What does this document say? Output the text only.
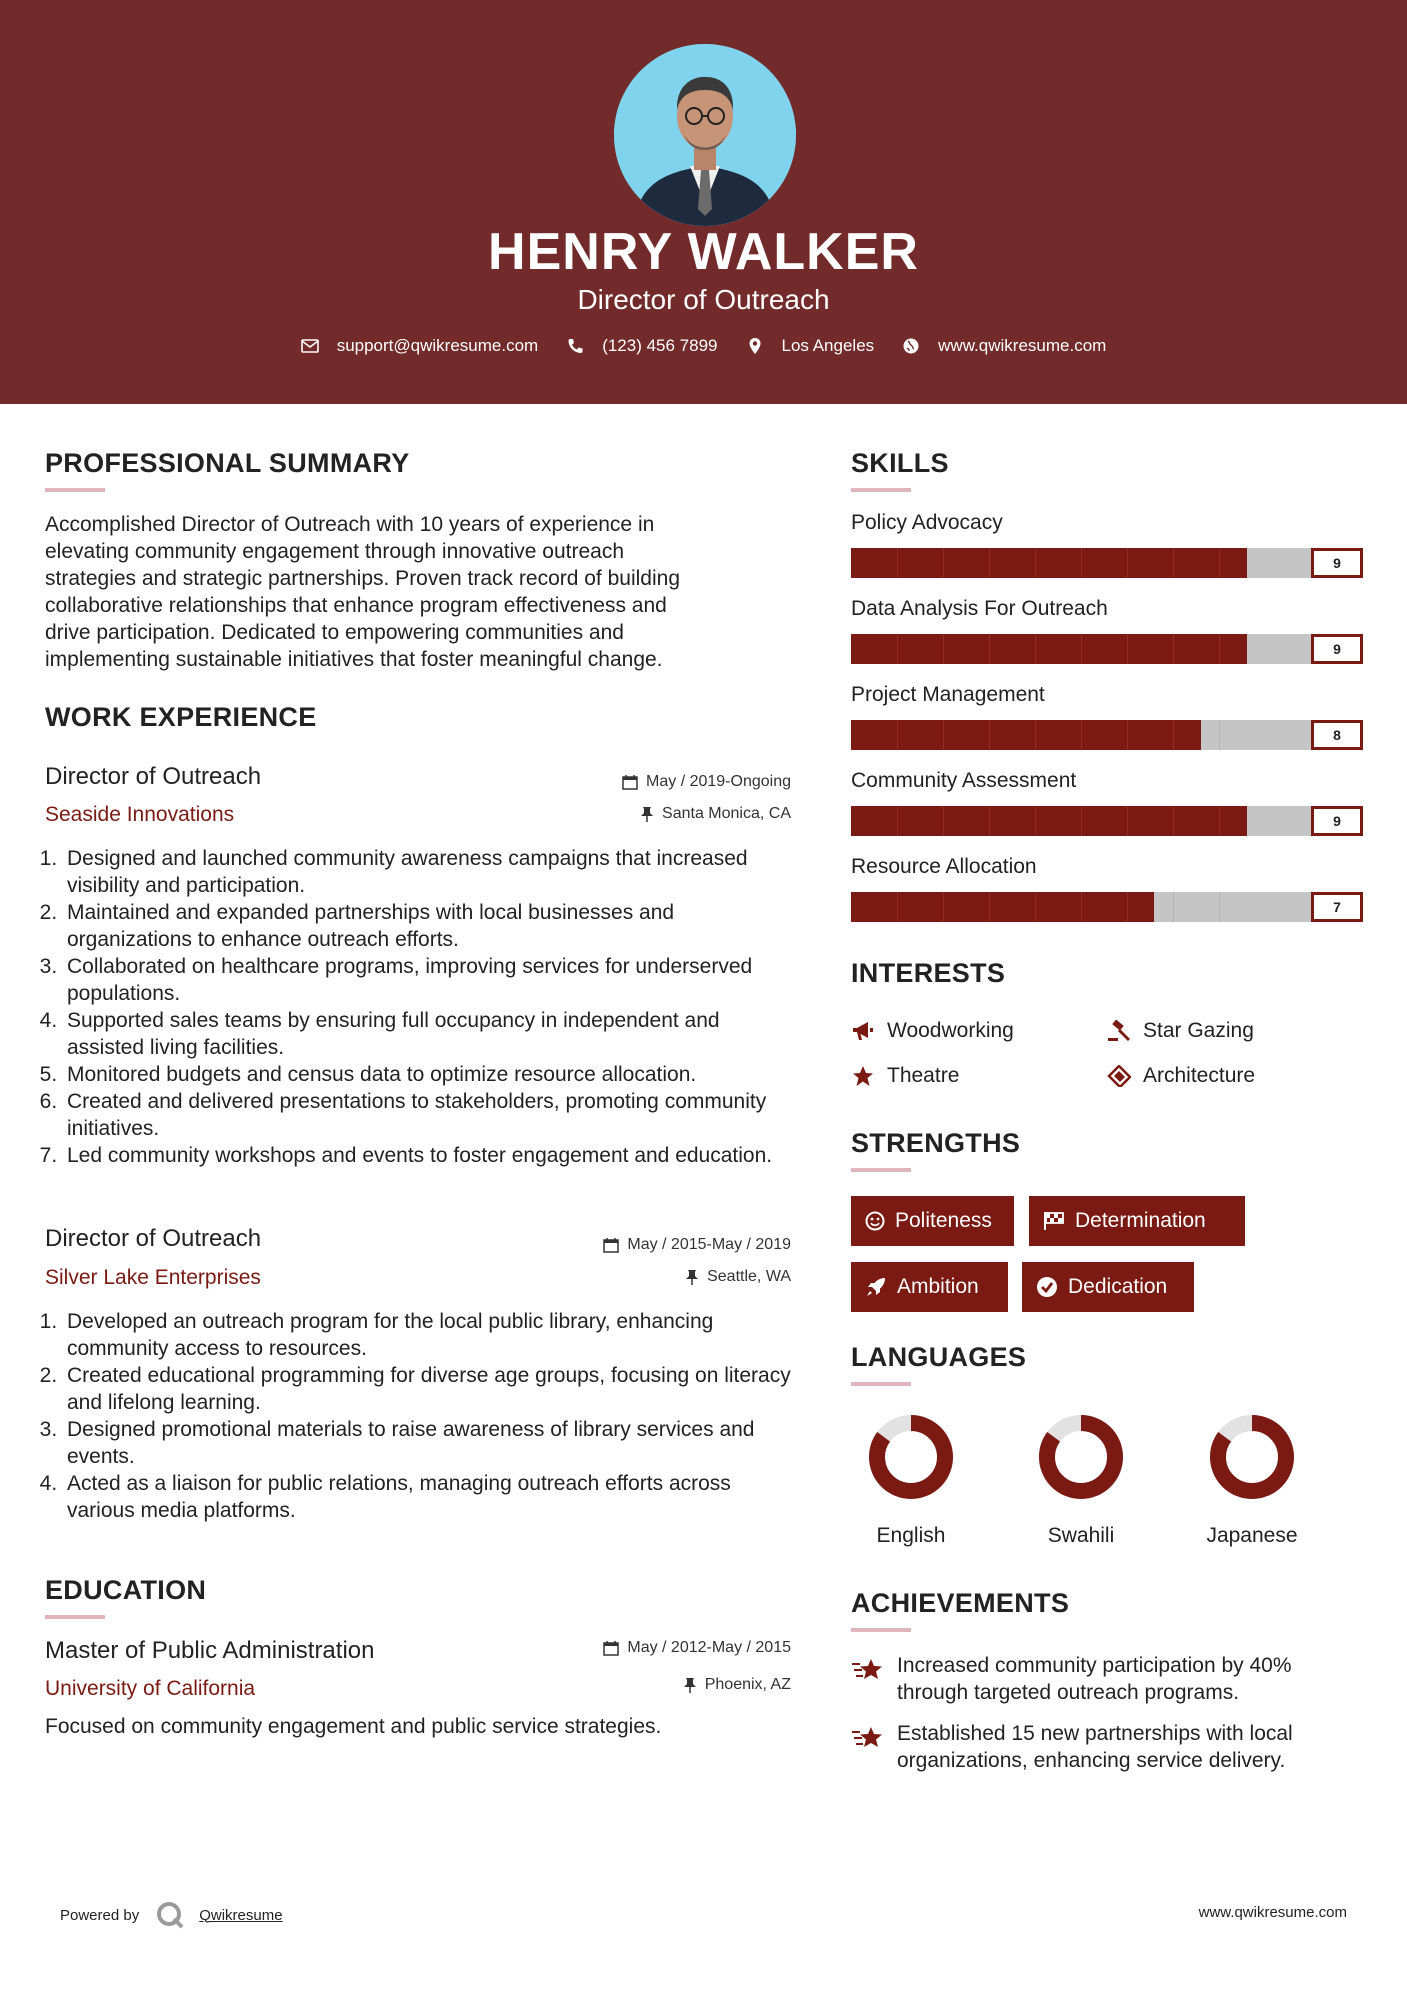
HENRY WALKER
Director of Outreach
support@qwikresume.com	(123) 456 7899	Los Angeles	www.qwikresume.com
PROFESSIONAL SUMMARY
Accomplished Director of Outreach with 10 years of experience in
elevating community engagement through innovative outreach
strategies and strategic partnerships. Proven track record of building
collaborative relationships that enhance program effectiveness and
drive participation. Dedicated to empowering communities and
implementing sustainable initiatives that foster meaningful change.
WORK EXPERIENCE
Director of Outreach	May / 2019-Ongoing
Seaside Innovations	Santa Monica, CA
1. Designed and launched community awareness campaigns that increased visibility and participation.
2. Maintained and expanded partnerships with local businesses and organizations to enhance outreach efforts.
3. Collaborated on healthcare programs, improving services for underserved populations.
4. Supported sales teams by ensuring full occupancy in independent and assisted living facilities.
5. Monitored budgets and census data to optimize resource allocation.
6. Created and delivered presentations to stakeholders, promoting community initiatives.
7. Led community workshops and events to foster engagement and education.
Director of Outreach	May / 2015-May / 2019
Silver Lake Enterprises	Seattle, WA
1. Developed an outreach program for the local public library, enhancing community access to resources.
2. Created educational programming for diverse age groups, focusing on literacy and lifelong learning.
3. Designed promotional materials to raise awareness of library services and events.
4. Acted as a liaison for public relations, managing outreach efforts across various media platforms.
EDUCATION
Master of Public Administration	May / 2012-May / 2015
University of California	Phoenix, AZ
Focused on community engagement and public service strategies.
SKILLS
Policy Advocacy
9
Data Analysis For Outreach
9
Project Management
8
Community Assessment
9
Resource Allocation
7
INTERESTS
Woodworking	Star Gazing
Theatre	Architecture
STRENGTHS
Politeness	Determination
Ambition	Dedication
LANGUAGES
English	Swahili	Japanese
ACHIEVEMENTS
Increased community participation by 40%
through targeted outreach programs.
Established 15 new partnerships with local
organizations, enhancing service delivery.
Powered by	Qwikresume	www.qwikresume.com
